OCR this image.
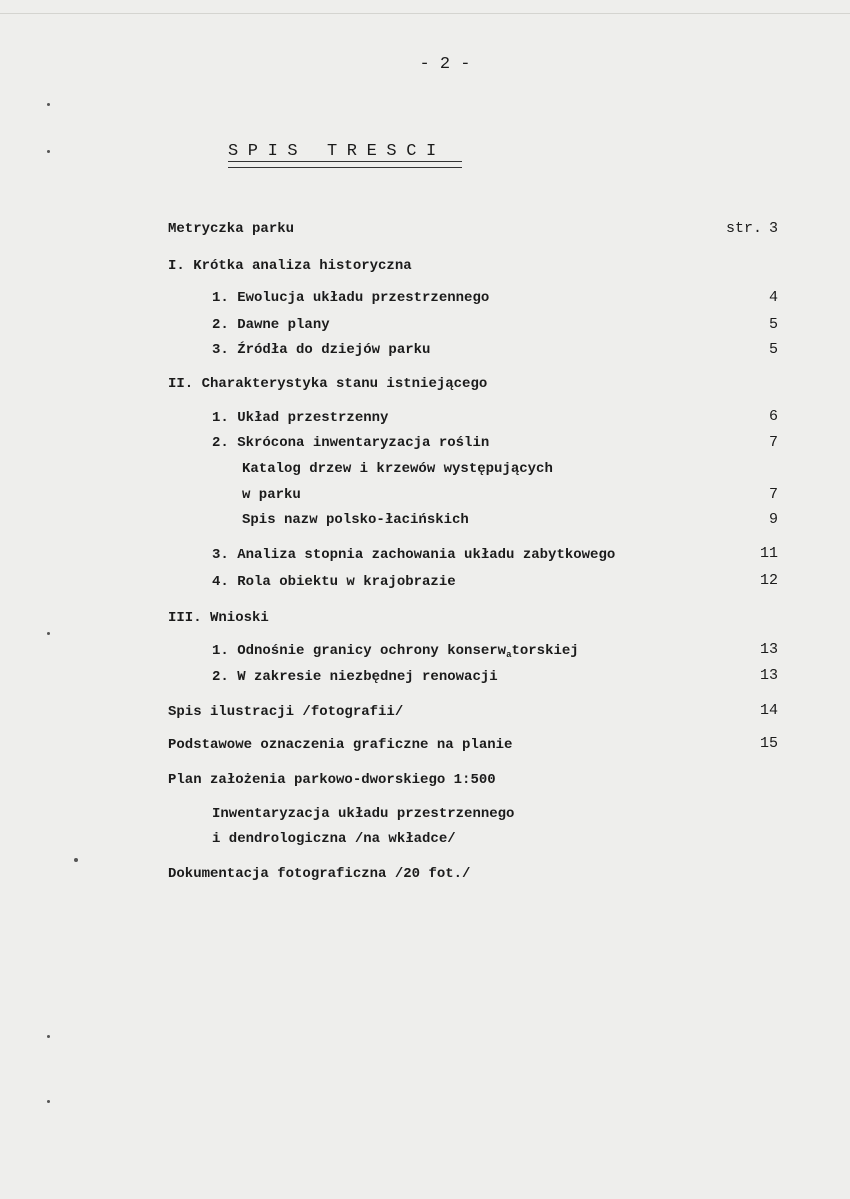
- 2 -
SPIS TRESCI
Metryczka parku	str. 3
I. Krótka analiza historyczna
1. Ewolucja układu przestrzennego	4
2. Dawne plany	5
3. Źródła do dziejów parku	5
II. Charakterystyka stanu istniejącego
1. Układ przestrzenny	6
2. Skrócona inwentaryzacja roślin	7
Katalog drzew i krzewów występujących
w parku	7
Spis nazw polsko-łacińskich	9
3. Analiza stopnia zachowania układu zabytkowego	11
4. Rola obiektu w krajobrazie	12
III. Wnioski
1. Odnośnie granicy ochrony konserw$_a$torskiej	13
2. W zakresie niezbędnej renowacji	13
Spis ilustracji /fotografii/	14
Podstawowe oznaczenia graficzne na planie	15
Plan założenia parkowo-dworskiego 1:500
Inwentaryzacja układu przestrzennego
i dendrologiczna /na wkładce/
Dokumentacja fotograficzna /20 fot./
